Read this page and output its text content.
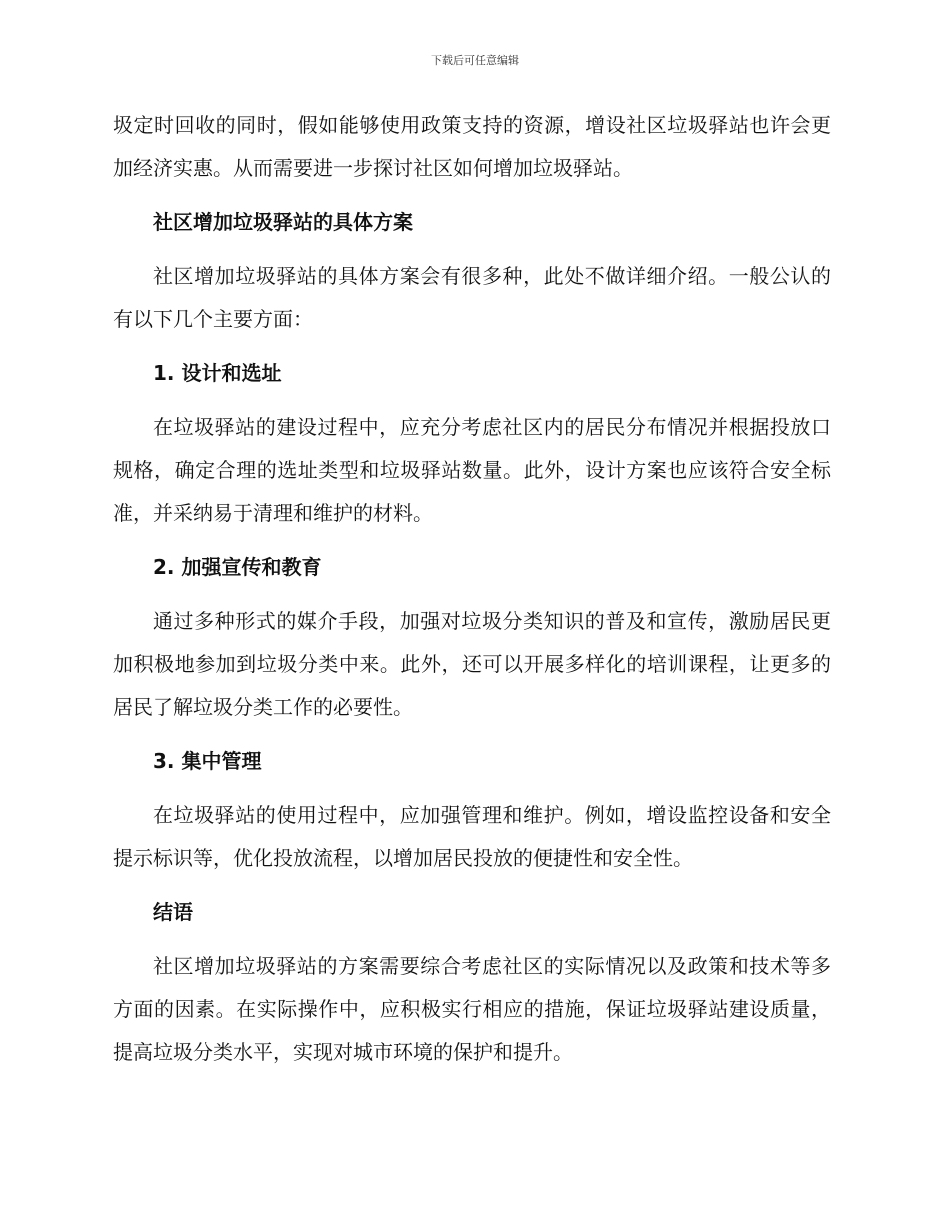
下载后可任意编辑

圾定时回收的同时，假如能够使用政策支持的资源，增设社区垃圾驿站也许会更加经济实惠。从而需要进一步探讨社区如何增加垃圾驿站。

社区增加垃圾驿站的具体方案

社区增加垃圾驿站的具体方案会有很多种，此处不做详细介绍。一般公认的有以下几个主要方面：

1. 设计和选址

在垃圾驿站的建设过程中，应充分考虑社区内的居民分布情况并根据投放口规格，确定合理的选址类型和垃圾驿站数量。此外，设计方案也应该符合安全标准，并采纳易于清理和维护的材料。

2. 加强宣传和教育

通过多种形式的媒介手段，加强对垃圾分类知识的普及和宣传，激励居民更加积极地参加到垃圾分类中来。此外，还可以开展多样化的培训课程，让更多的居民了解垃圾分类工作的必要性。

3. 集中管理

在垃圾驿站的使用过程中，应加强管理和维护。例如，增设监控设备和安全提示标识等，优化投放流程，以增加居民投放的便捷性和安全性。

结语

社区增加垃圾驿站的方案需要综合考虑社区的实际情况以及政策和技术等多方面的因素。在实际操作中，应积极实行相应的措施，保证垃圾驿站建设质量，提高垃圾分类水平，实现对城市环境的保护和提升。
